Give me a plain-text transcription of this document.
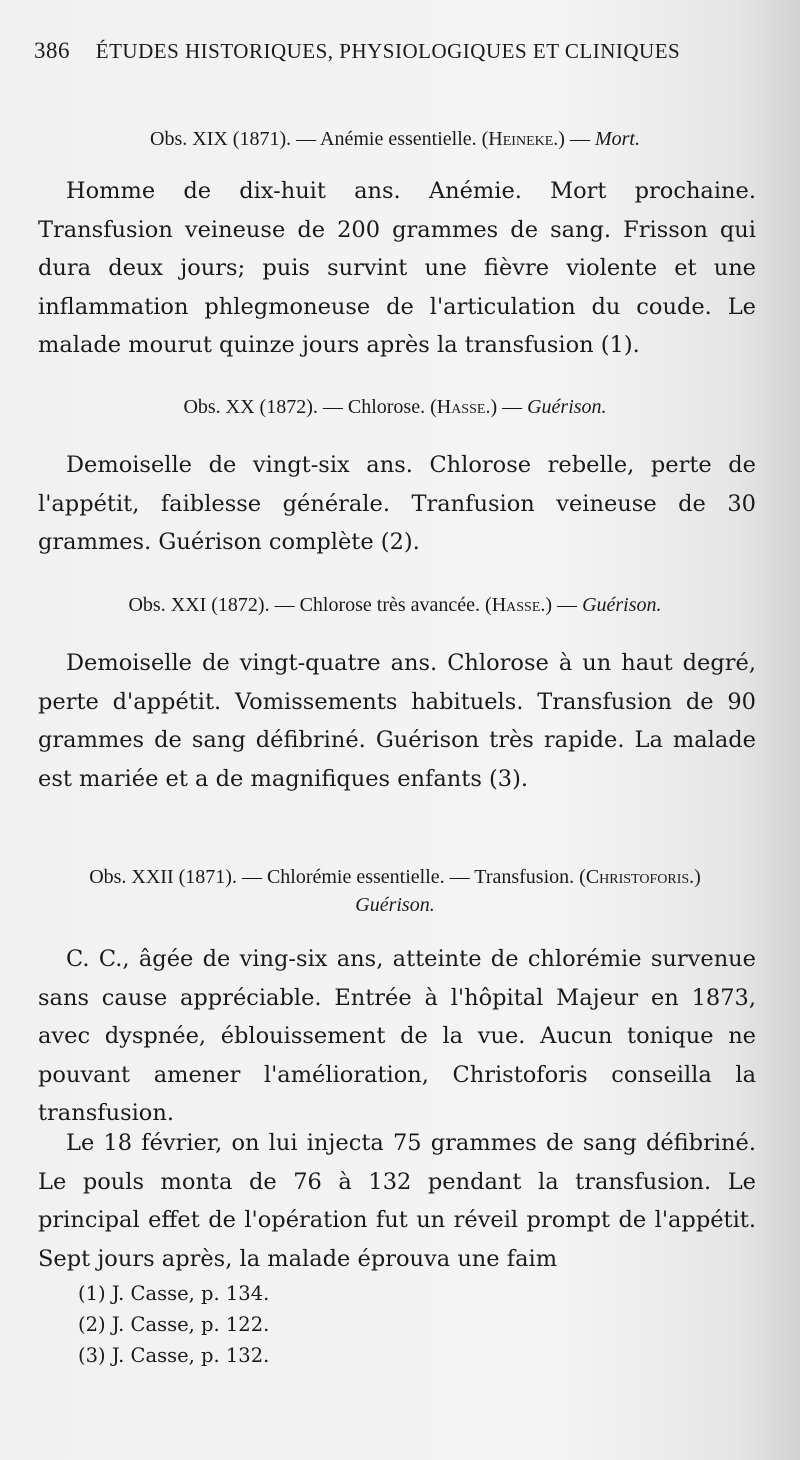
386 ÉTUDES HISTORIQUES, PHYSIOLOGIQUES ET CLINIQUES
Obs. XIX (1871). — Anémie essentielle. (Heineke.) — Mort.

Homme de dix-huit ans. Anémie. Mort prochaine. Transfusion veineuse de 200 grammes de sang. Frisson qui dura deux jours; puis survint une fièvre violente et une inflammation phlegmoneuse de l'articulation du coude. Le malade mourut quinze jours après la transfusion (1).

Obs. XX (1872). — Chlorose. (Hasse.) — Guérison.

Demoiselle de vingt-six ans. Chlorose rebelle, perte de l'appétit, faiblesse générale. Tranfusion veineuse de 30 grammes. Guérison complète (2).

Obs. XXI (1872). — Chlorose très avancée. (Hasse.) — Guérison.

Demoiselle de vingt-quatre ans. Chlorose à un haut degré, perte d'appétit. Vomissements habituels. Transfusion de 90 grammes de sang défibriné. Guérison très rapide. La malade est mariée et a de magnifiques enfants (3).

Obs. XXII (1871). — Chlorémie essentielle. — Transfusion. (Christoforis.)
Guérison.

C. C., âgée de ving-six ans, atteinte de chlorémie survenue sans cause appréciable. Entrée à l'hôpital Majeur en 1873, avec dyspnée, éblouissement de la vue. Aucun tonique ne pouvant amener l'amélioration, Christoforis conseilla la transfusion.

Le 18 février, on lui injecta 75 grammes de sang défibriné. Le pouls monta de 76 à 132 pendant la transfusion. Le principal effet de l'opération fut un réveil prompt de l'appétit. Sept jours après, la malade éprouva une faim

(1) J. Casse, p. 134.
(2) J. Casse, p. 122.
(3) J. Casse, p. 132.
